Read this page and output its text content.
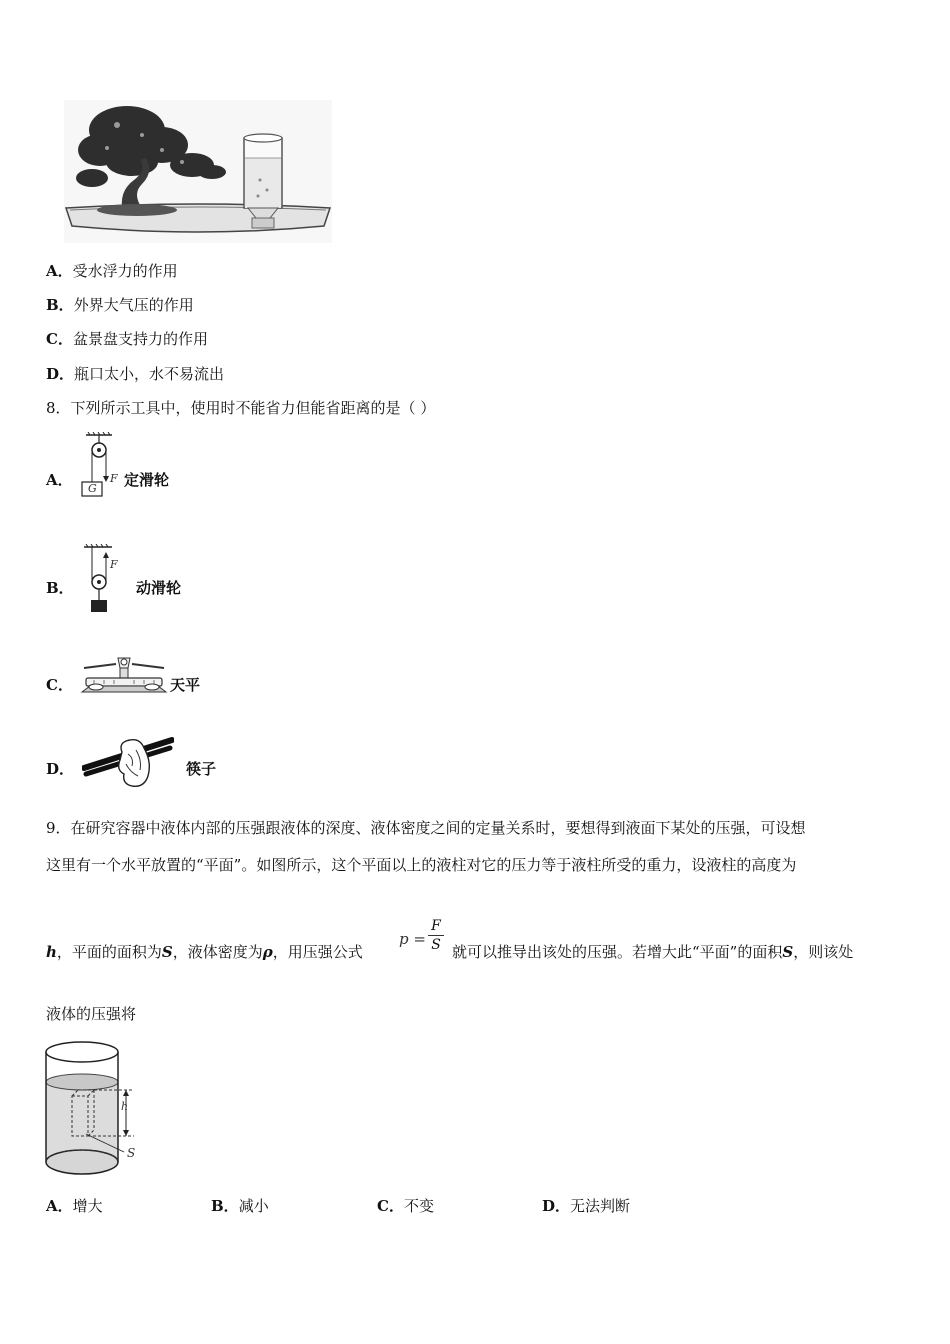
A．受水浮力的作用
B．外界大气压的作用
C．盆景盘支持力的作用
D．瓶口太小，水不易流出
8．下列所示工具中，使用时不能省力但能省距离的是（ ）
A． G
F 定滑轮
B．
F
动滑轮
C．	天平
D．	筷子
9．在研究容器中液体内部的压强跟液体的深度、液体密度之间的定量关系时，要想得到液面下某处的压强，可设想
这里有一个水平放置的“平面”。如图所示，这个平面以上的液柱对它的压力等于液柱所受的重力，设液柱的高度为
h，平面的面积为S，液体密度为ρ，用压强公式
p =
F
S 就可以推导出该处的压强。若增大此“平面”的面积S，则该处
液体的压强将
h
S
A．增大	B．减小	C．不变	D．无法判断
